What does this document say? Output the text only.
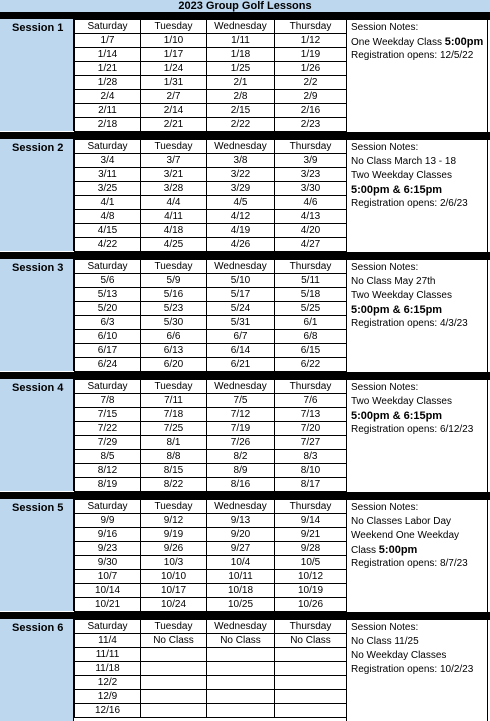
2023 Group Golf Lessons
Session 1 Saturday	Tuesday	Wednesday	Thursday
1/7	1/10	1/11	1/12
1/14	1/17	1/18	1/19
1/21	1/24	1/25	1/26
1/28	1/31	2/1	2/2
2/4	2/7	2/8	2/9
2/11	2/14	2/15	2/16
2/18	2/21	2/22	2/23
Session Notes:
One Weekday Class 5:00pm
Registration opens: 12/5/22
Session 2 Saturday	Tuesday	Wednesday	Thursday
3/4	3/7	3/8	3/9
3/11	3/21	3/22	3/23
3/25	3/28	3/29	3/30
4/1	4/4	4/5	4/6
4/8	4/11	4/12	4/13
4/15	4/18	4/19	4/20
4/22	4/25	4/26	4/27
Session Notes:
No Class March 13 - 18
Two Weekday Classes
5:00pm & 6:15pm
Registration opens: 2/6/23
Session 3 Saturday	Tuesday	Wednesday	Thursday
5/6	5/9	5/10	5/11
5/13	5/16	5/17	5/18
5/20	5/23	5/24	5/25
6/3	5/30	5/31	6/1
6/10	6/6	6/7	6/8
6/17	6/13	6/14	6/15
6/24	6/20	6/21	6/22
Session Notes:
No Class May 27th
Two Weekday Classes
5:00pm & 6:15pm
Registration opens: 4/3/23
Session 4 Saturday	Tuesday	Wednesday	Thursday
7/8	7/11	7/5	7/6
7/15	7/18	7/12	7/13
7/22	7/25	7/19	7/20
7/29	8/1	7/26	7/27
8/5	8/8	8/2	8/3
8/12	8/15	8/9	8/10
8/19	8/22	8/16	8/17
Session Notes:
Two Weekday Classes
5:00pm & 6:15pm
Registration opens: 6/12/23
Session 5 Saturday	Tuesday	Wednesday	Thursday
9/9	9/12	9/13	9/14
9/16	9/19	9/20	9/21
9/23	9/26	9/27	9/28
9/30	10/3	10/4	10/5
10/7	10/10	10/11	10/12
10/14	10/17	10/18	10/19
10/21	10/24	10/25	10/26
Session Notes:
No Classes Labor Day
Weekend One Weekday
Class 5:00pm
Registration opens: 8/7/23
Session 6 Saturday	Tuesday	Wednesday	Thursday
11/4	No Class	No Class	No Class
11/11			
11/18			
12/2			
12/9			
12/16			
Session Notes:
No Class 11/25
No Weekday Classes
Registration opens: 10/2/23
